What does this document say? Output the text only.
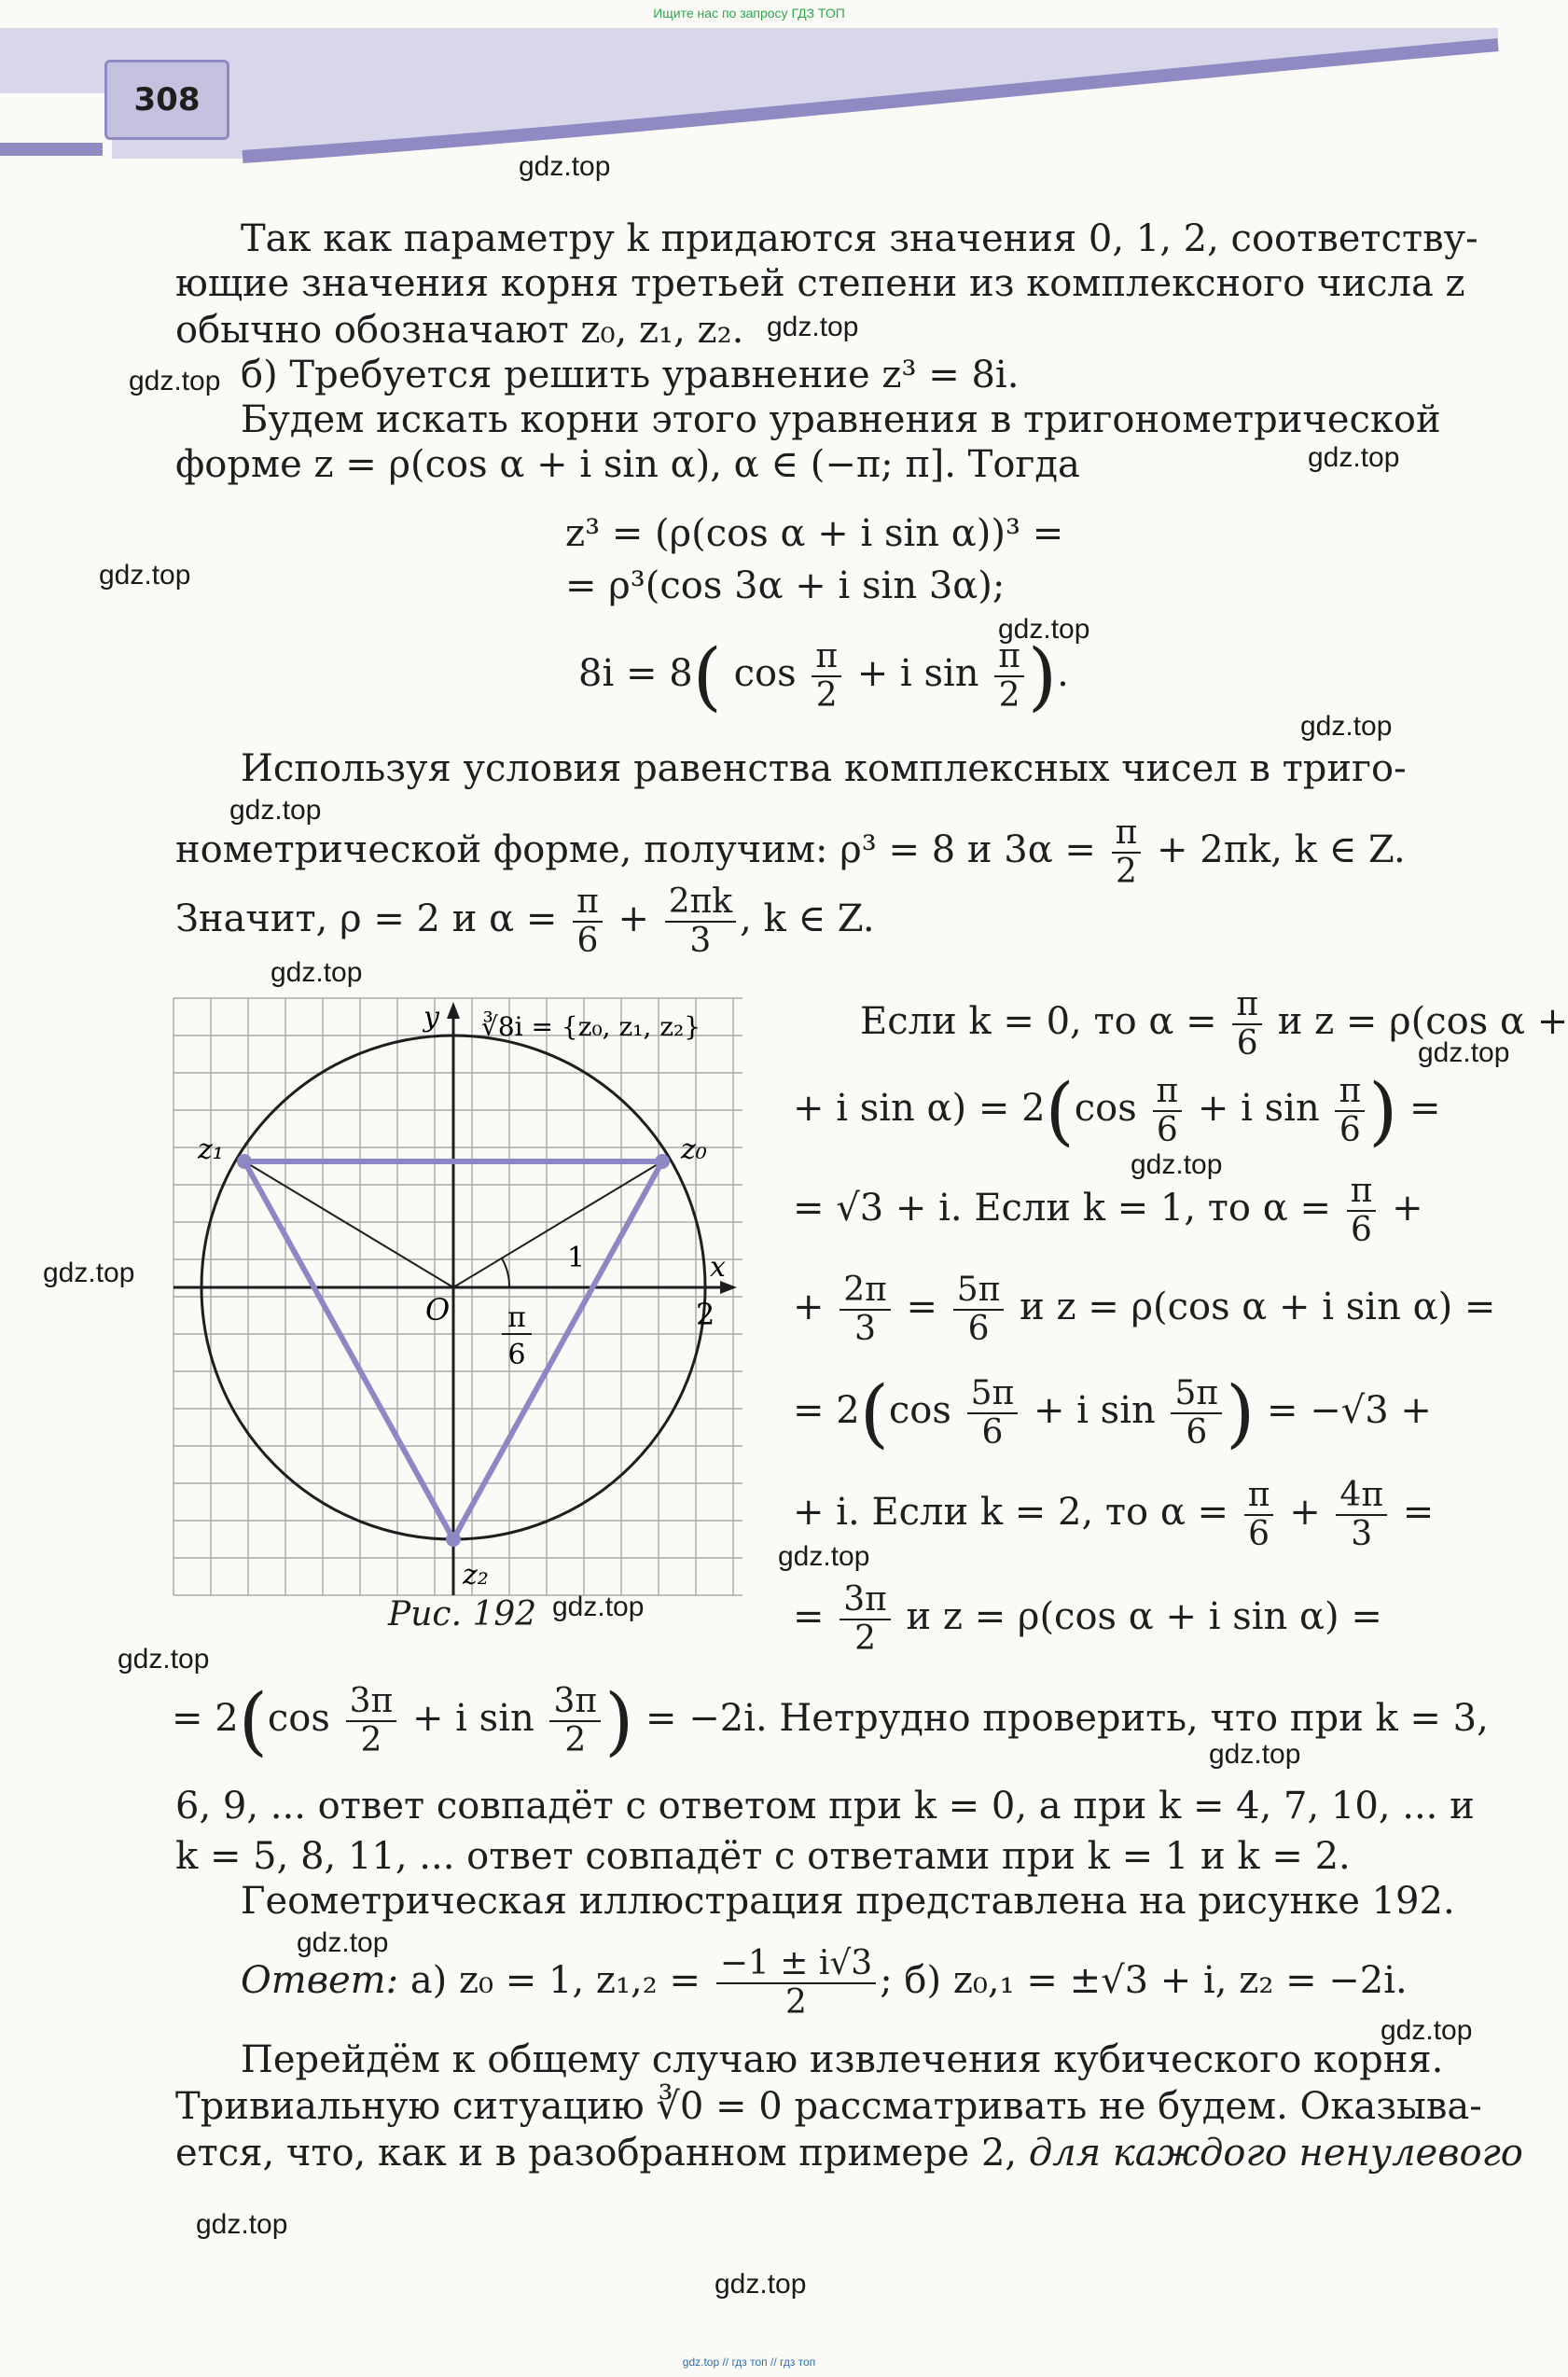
Ищите нас по запросу ГДЗ ТОП
308
Так как параметру k придаются значения 0, 1, 2, соответству-
ющие значения корня третьей степени из комплексного числа z
обычно обозначают z₀, z₁, z₂.
б) Требуется решить уравнение z³ = 8i.
Будем искать корни этого уравнения в тригонометрической
форме z = ρ(cos α + i sin α), α ∈ (−π; π]. Тогда
z³ = (ρ(cos α + i sin α))³ =
= ρ³(cos 3α + i sin 3α);
8i = 8( $\cos \frac{\pi}{2} + i$ $\sin \frac{\pi}{2}$ ).
Используя условия равенства комплексных чисел в триго-
нометрической форме, получим: ρ³ = 8 и $3\alpha = \frac{\pi}{2} + 2\pi k$, k ∈ Z.
Значит, ρ = 2 и $\alpha = \frac{\pi}{6} + \frac{2\pi k}{3}$ , k ∈ Z.
y ∛8i = {z₀, z₁, z₂}
x
O	2
1
z₁	z₀
z₂
π
6
Рис. 192
Если k = 0, то $\alpha = \frac{\pi}{6}$ и z = ρ(cos α +
+ i $\sin \alpha) = 2(\cos \frac{\pi}{6} + i$ $\sin \frac{\pi}{6}$ ) =
= √3 + i. Если k = 1, то $\alpha = \frac{\pi}{6}$ +
+ $\frac{2\pi}{3} = \frac{5\pi}{6}$ и z = ρ(cos α + i sin α) =
= $2(\cos \frac{5\pi}{6} + i$ $\sin \frac{5\pi}{6}$ ) = −√3 +
+ i. Если k = 2, то $\alpha = \frac{\pi}{6} + \frac{4\pi}{3}$ =
= $\frac{3\pi}{2}$ и z = ρ(cos α + i sin α) =
= $2(\cos \frac{3\pi}{2} + i$ $\sin \frac{3\pi}{2}$ ) = −2i. Нетрудно проверить, что при k = 3,
6, 9, ... ответ совпадёт с ответом при k = 0, а при k = 4, 7, 10, ... и
k = 5, 8, 11, ... ответ совпадёт с ответами при k = 1 и k = 2.
Геометрическая иллюстрация представлена на рисунке 192.
Ответ: а) z₀ = 1, $z_1,_2 = \frac{-1 \pm i√3}{2}$ ; б) z₀,₁ = ±√3 + i, z₂ = −2i.
Перейдём к общему случаю извлечения кубического корня.
Тривиальную ситуацию ∛0 = 0 рассматривать не будем. Оказыва-
ется, что, как и в разобранном примере 2, для каждого ненулевого
gdz.top
gdz.top
gdz.top
gdz.top
gdz.top
gdz.top
gdz.top
gdz.top
gdz.top
gdz.top
gdz.top
gdz.top
gdz.top
gdz.top
gdz.top
gdz.top
gdz.top
gdz.top
gdz.top
gdz.top
gdz.top // гдз топ // гдз топ
